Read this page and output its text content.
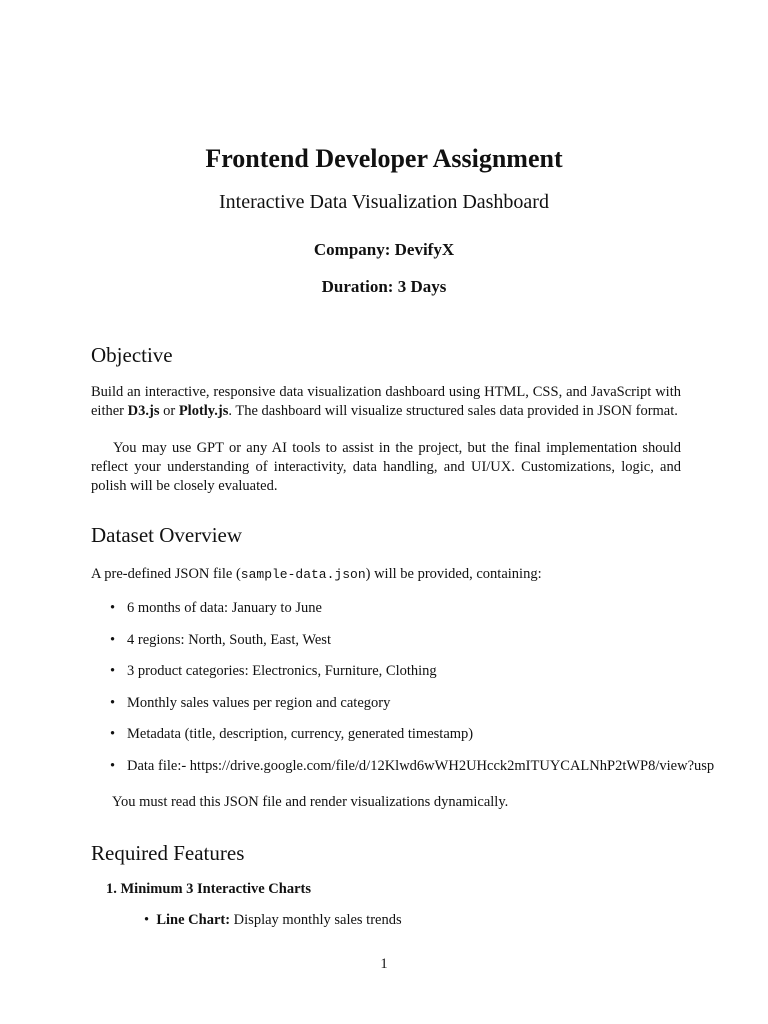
Frontend Developer Assignment

Interactive Data Visualization Dashboard

Company: DevifyX

Duration: 3 Days

Objective

Build an interactive, responsive data visualization dashboard using HTML, CSS, and JavaScript with either D3.js or Plotly.js. The dashboard will visualize structured sales data provided in JSON format.

You may use GPT or any AI tools to assist in the project, but the final implementation should reflect your understanding of interactivity, data handling, and UI/UX. Customizations, logic, and polish will be closely evaluated.

Dataset Overview

A pre-defined JSON file (sample-data.json) will be provided, containing:

• 6 months of data: January to June
• 4 regions: North, South, East, West
• 3 product categories: Electronics, Furniture, Clothing
• Monthly sales values per region and category
• Metadata (title, description, currency, generated timestamp)
• Data file:- https://drive.google.com/file/d/12Klwd6wWH2UHcck2mITUYCALNhP2tWP8/view?usp

You must read this JSON file and render visualizations dynamically.

Required Features

1. Minimum 3 Interactive Charts

• Line Chart: Display monthly sales trends

1
